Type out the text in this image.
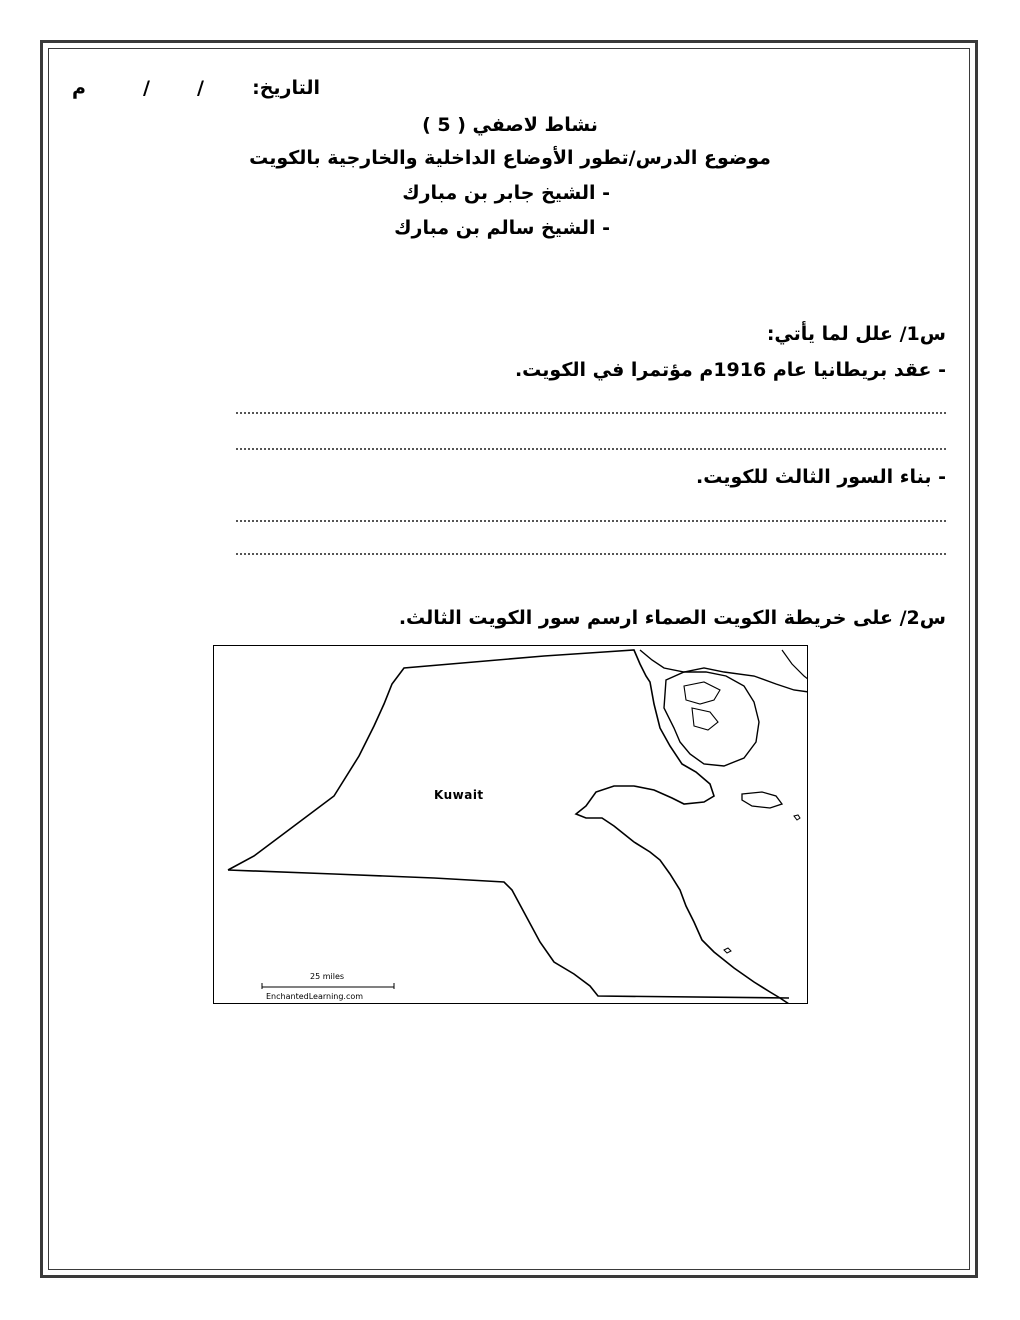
التاريخ:
/
/
م
نشاط لاصفي ( 5 )
موضوع الدرس/تطور الأوضاع الداخلية والخارجية بالكويت
- الشيخ جابر بن مبارك
- الشيخ سالم بن مبارك
س1/ علل لما يأتي:
- عقد بريطانيا عام 1916م مؤتمرا في الكويت.
- بناء السور الثالث للكويت.
س2/ على خريطة الكويت الصماء ارسم سور الكويت الثالث.
Kuwait
25 miles
EnchantedLearning.com
